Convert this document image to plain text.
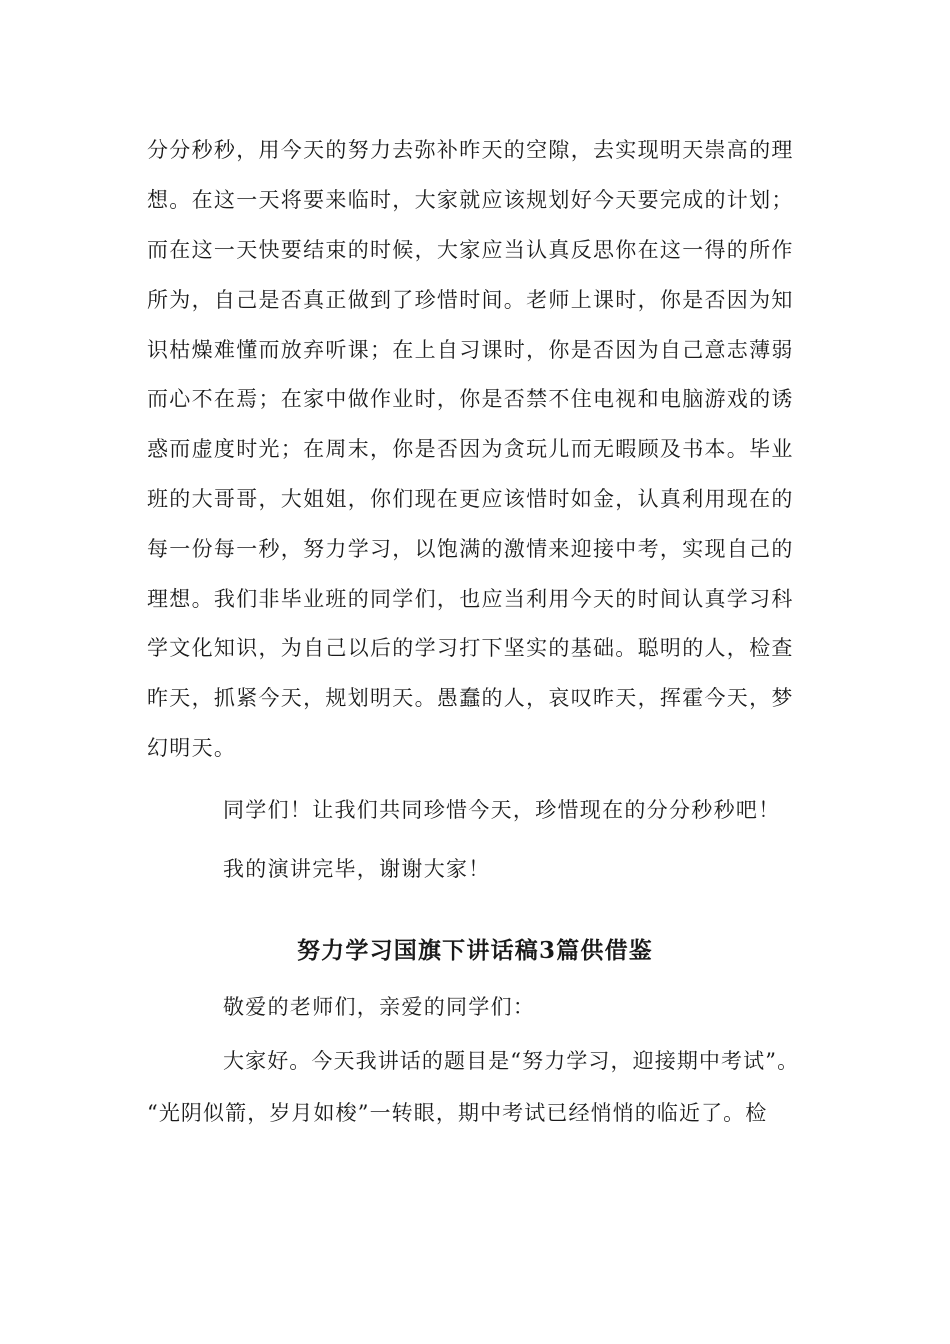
分分秒秒，用今天的努力去弥补昨天的空隙，去实现明天崇高的理
想。在这一天将要来临时，大家就应该规划好今天要完成的计划；
而在这一天快要结束的时候，大家应当认真反思你在这一得的所作
所为，自己是否真正做到了珍惜时间。老师上课时，你是否因为知
识枯燥难懂而放弃听课；在上自习课时，你是否因为自己意志薄弱
而心不在焉；在家中做作业时，你是否禁不住电视和电脑游戏的诱
惑而虚度时光；在周末，你是否因为贪玩儿而无暇顾及书本。毕业
班的大哥哥，大姐姐，你们现在更应该惜时如金，认真利用现在的
每一份每一秒，努力学习，以饱满的激情来迎接中考，实现自己的
理想。我们非毕业班的同学们，也应当利用今天的时间认真学习科
学文化知识，为自己以后的学习打下坚实的基础。聪明的人，检查
昨天，抓紧今天，规划明天。愚蠢的人，哀叹昨天，挥霍今天，梦
幻明天。
同学们！让我们共同珍惜今天，珍惜现在的分分秒秒吧！
我的演讲完毕，谢谢大家！
努力学习国旗下讲话稿3篇供借鉴
敬爱的老师们，亲爱的同学们：
大家好。今天我讲话的题目是“努力学习，迎接期中考试”。
“光阴似箭，岁月如梭”一转眼，期中考试已经悄悄的临近了。检
